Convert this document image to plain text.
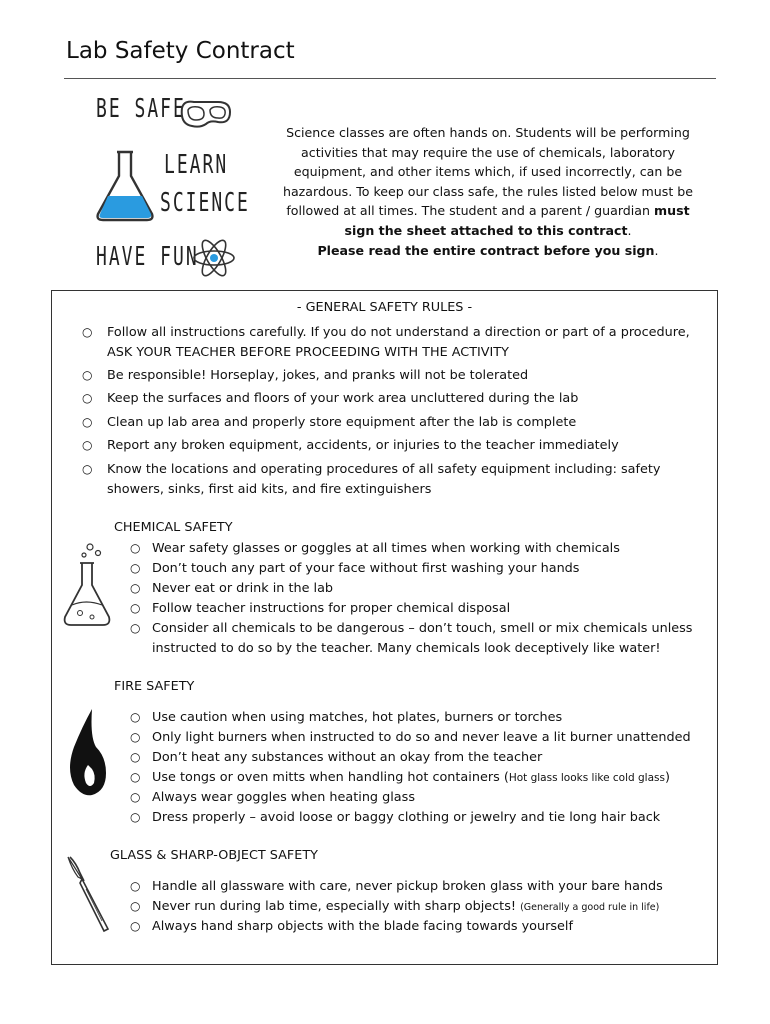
Lab Safety Contract
BE SAFE
LEARN
SCIENCE
HAVE FUN
Science classes are often hands on. Students will be performing activities that may require the use of chemicals, laboratory equipment, and other items which, if used incorrectly, can be hazardous. To keep our class safe, the rules listed below must be followed at all times. The student and a parent / guardian must sign the sheet attached to this contract.
Please read the entire contract before you sign.
- GENERAL SAFETY RULES -
○ Follow all instructions carefully. If you do not understand a direction or part of a procedure, ASK YOUR TEACHER BEFORE PROCEEDING WITH THE ACTIVITY
○ Be responsible! Horseplay, jokes, and pranks will not be tolerated
○ Keep the surfaces and floors of your work area uncluttered during the lab
○ Clean up lab area and properly store equipment after the lab is complete
○ Report any broken equipment, accidents, or injuries to the teacher immediately
○ Know the locations and operating procedures of all safety equipment including: safety showers, sinks, first aid kits, and fire extinguishers
CHEMICAL SAFETY
○ Wear safety glasses or goggles at all times when working with chemicals
○ Don’t touch any part of your face without first washing your hands
○ Never eat or drink in the lab
○ Follow teacher instructions for proper chemical disposal
○ Consider all chemicals to be dangerous – don’t touch, smell or mix chemicals unless instructed to do so by the teacher. Many chemicals look deceptively like water!
FIRE SAFETY
○ Use caution when using matches, hot plates, burners or torches
○ Only light burners when instructed to do so and never leave a lit burner unattended
○ Don’t heat any substances without an okay from the teacher
○ Use tongs or oven mitts when handling hot containers (Hot glass looks like cold glass)
○ Always wear goggles when heating glass
○ Dress properly – avoid loose or baggy clothing or jewelry and tie long hair back
GLASS & SHARP-OBJECT SAFETY
○ Handle all glassware with care, never pickup broken glass with your bare hands
○ Never run during lab time, especially with sharp objects! (Generally a good rule in life)
○ Always hand sharp objects with the blade facing towards yourself
